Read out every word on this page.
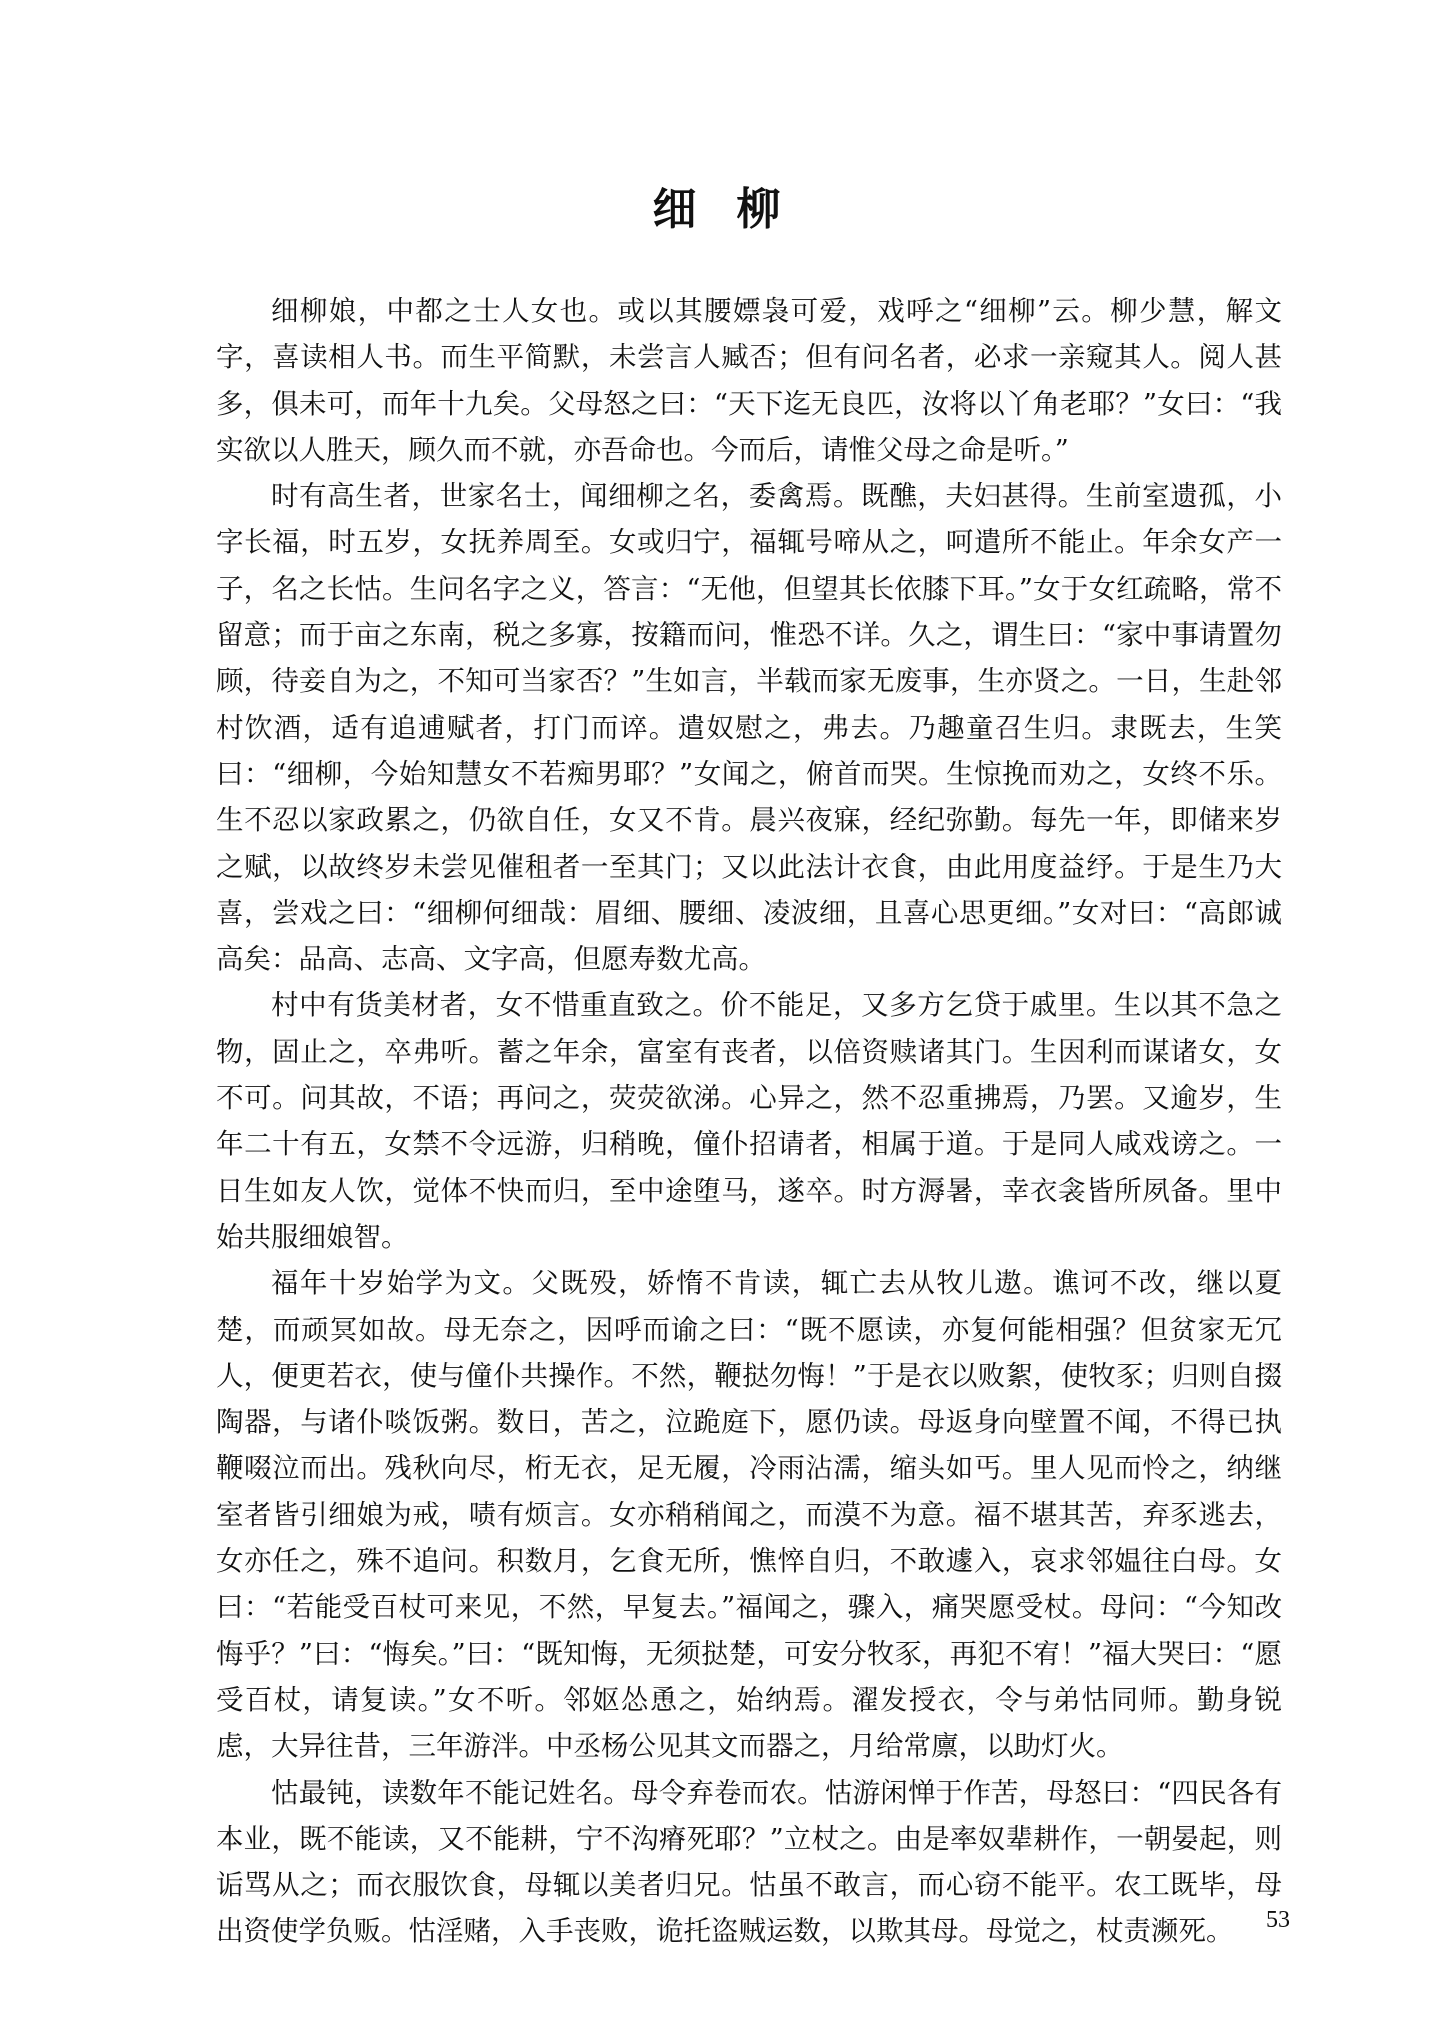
细柳

细柳娘，中都之士人女也。或以其腰嫖袅可爱，戏呼之“细柳”云。柳少慧，解文字，喜读相人书。而生平简默，未尝言人臧否；但有问名者，必求一亲窥其人。阅人甚多，俱未可，而年十九矣。父母怒之曰：“天下迄无良匹，汝将以丫角老耶？”女曰：“我实欲以人胜天，顾久而不就，亦吾命也。今而后，请惟父母之命是听。”

时有高生者，世家名士，闻细柳之名，委禽焉。既醮，夫妇甚得。生前室遗孤，小字长福，时五岁，女抚养周至。女或归宁，福辄号啼从之，呵遣所不能止。年余女产一子，名之长怙。生问名字之义，答言：“无他，但望其长依膝下耳。”女于女红疏略，常不留意；而于亩之东南，税之多寡，按籍而问，惟恐不详。久之，谓生曰：“家中事请置勿顾，待妾自为之，不知可当家否？”生如言，半载而家无废事，生亦贤之。一日，生赴邻村饮酒，适有追逋赋者，打门而谇。遣奴慰之，弗去。乃趣童召生归。隶既去，生笑曰：“细柳，今始知慧女不若痴男耶？”女闻之，俯首而哭。生惊挽而劝之，女终不乐。生不忍以家政累之，仍欲自任，女又不肯。晨兴夜寐，经纪弥勤。每先一年，即储来岁之赋，以故终岁未尝见催租者一至其门；又以此法计衣食，由此用度益纾。于是生乃大喜，尝戏之曰：“细柳何细哉：眉细、腰细、凌波细，且喜心思更细。”女对曰：“高郎诚高矣：品高、志高、文字高，但愿寿数尤高。

村中有货美材者，女不惜重直致之。价不能足，又多方乞贷于戚里。生以其不急之物，固止之，卒弗听。蓄之年余，富室有丧者，以倍资赎诸其门。生因利而谋诸女，女不可。问其故，不语；再问之，荧荧欲涕。心异之，然不忍重拂焉，乃罢。又逾岁，生年二十有五，女禁不令远游，归稍晚，僮仆招请者，相属于道。于是同人咸戏谤之。一日生如友人饮，觉体不快而归，至中途堕马，遂卒。时方溽暑，幸衣衾皆所夙备。里中始共服细娘智。

福年十岁始学为文。父既殁，娇惰不肯读，辄亡去从牧儿遨。谯诃不改，继以夏楚，而顽冥如故。母无奈之，因呼而谕之曰：“既不愿读，亦复何能相强？但贫家无冗人，便更若衣，使与僮仆共操作。不然，鞭挞勿悔！”于是衣以败絮，使牧豕；归则自掇陶器，与诸仆啖饭粥。数日，苦之，泣跪庭下，愿仍读。母返身向壁置不闻，不得已执鞭啜泣而出。残秋向尽，桁无衣，足无履，冷雨沾濡，缩头如丐。里人见而怜之，纳继室者皆引细娘为戒，啧有烦言。女亦稍稍闻之，而漠不为意。福不堪其苦，弃豕逃去，女亦任之，殊不追问。积数月，乞食无所，憔悴自归，不敢遽入，哀求邻媪往白母。女曰：“若能受百杖可来见，不然，早复去。”福闻之，骤入，痛哭愿受杖。母问：“今知改悔乎？”曰：“悔矣。”曰：“既知悔，无须挞楚，可安分牧豕，再犯不宥！”福大哭曰：“愿受百杖，请复读。”女不听。邻妪怂恿之，始纳焉。濯发授衣，令与弟怙同师。勤身锐虑，大异往昔，三年游泮。中丞杨公见其文而器之，月给常廪，以助灯火。

怙最钝，读数年不能记姓名。母令弃卷而农。怙游闲惮于作苦，母怒曰：“四民各有本业，既不能读，又不能耕，宁不沟瘠死耶？”立杖之。由是率奴辈耕作，一朝晏起，则诟骂从之；而衣服饮食，母辄以美者归兄。怙虽不敢言，而心窃不能平。农工既毕，母出资使学负贩。怙淫赌，入手丧败，诡托盗贼运数，以欺其母。母觉之，杖责濒死。	53
